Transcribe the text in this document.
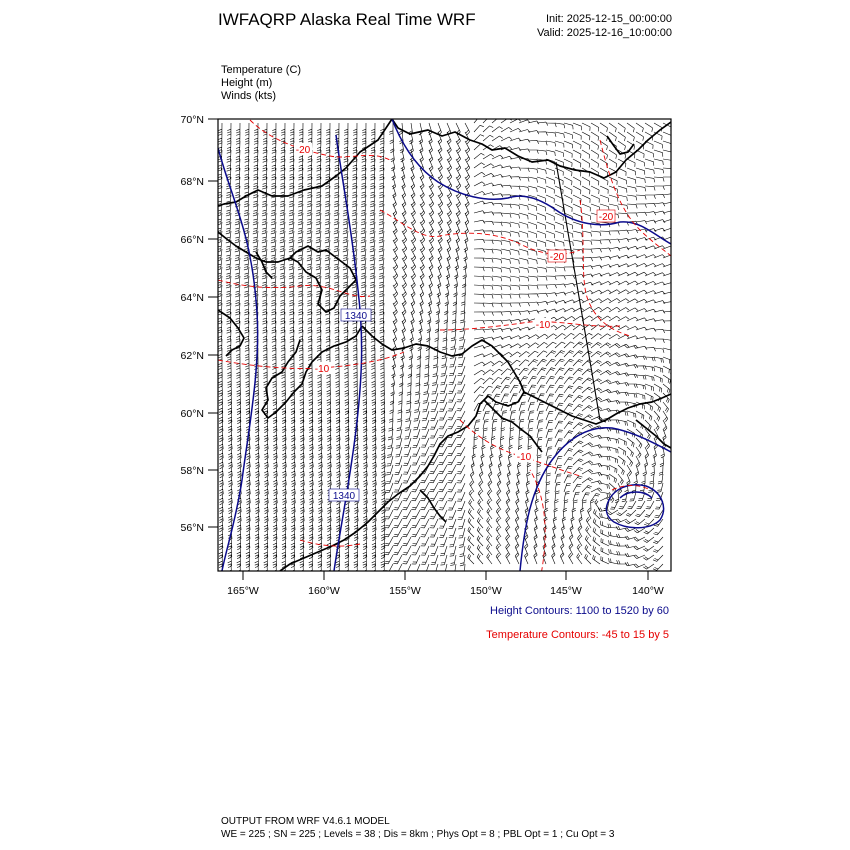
IWFAQRP Alaska Real Time WRF	Init: 2025-12-15_00:00:00
Valid: 2025-12-16_10:00:00
Temperature (C)
Height (m)
Winds (kts)
70°N
68°N
66°N
64°N
62°N
60°N
58°N
56°N
165°W	160°W	155°W	150°W	145°W	140°W
-20
-20
-20
-10
-10
-10
1340
1340
Height Contours: 1100 to 1520 by 60
Temperature Contours: -45 to 15 by 5
OUTPUT FROM WRF V4.6.1 MODEL
WE = 225 ; SN = 225 ; Levels = 38 ; Dis = 8km ; Phys Opt = 8 ; PBL Opt = 1 ; Cu Opt = 3
